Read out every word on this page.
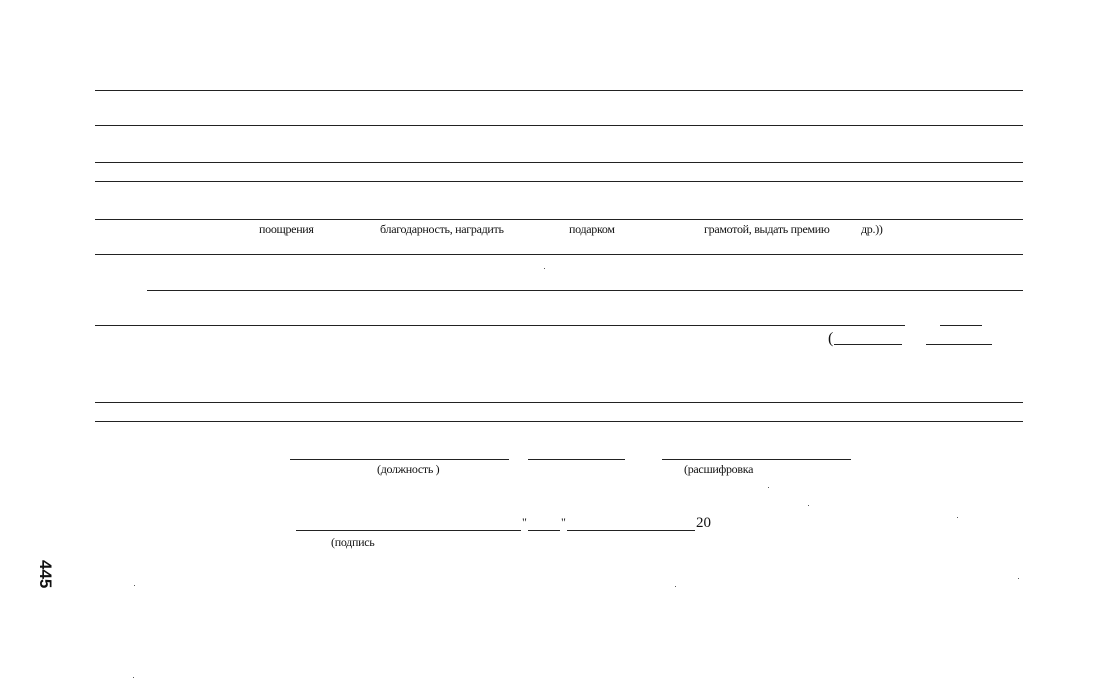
поощрения	благодарность, наградить	подарком	грамотой, выдать премию	др.))
(
(должность )	(расшифровка
"	"	20
(подпись
445
